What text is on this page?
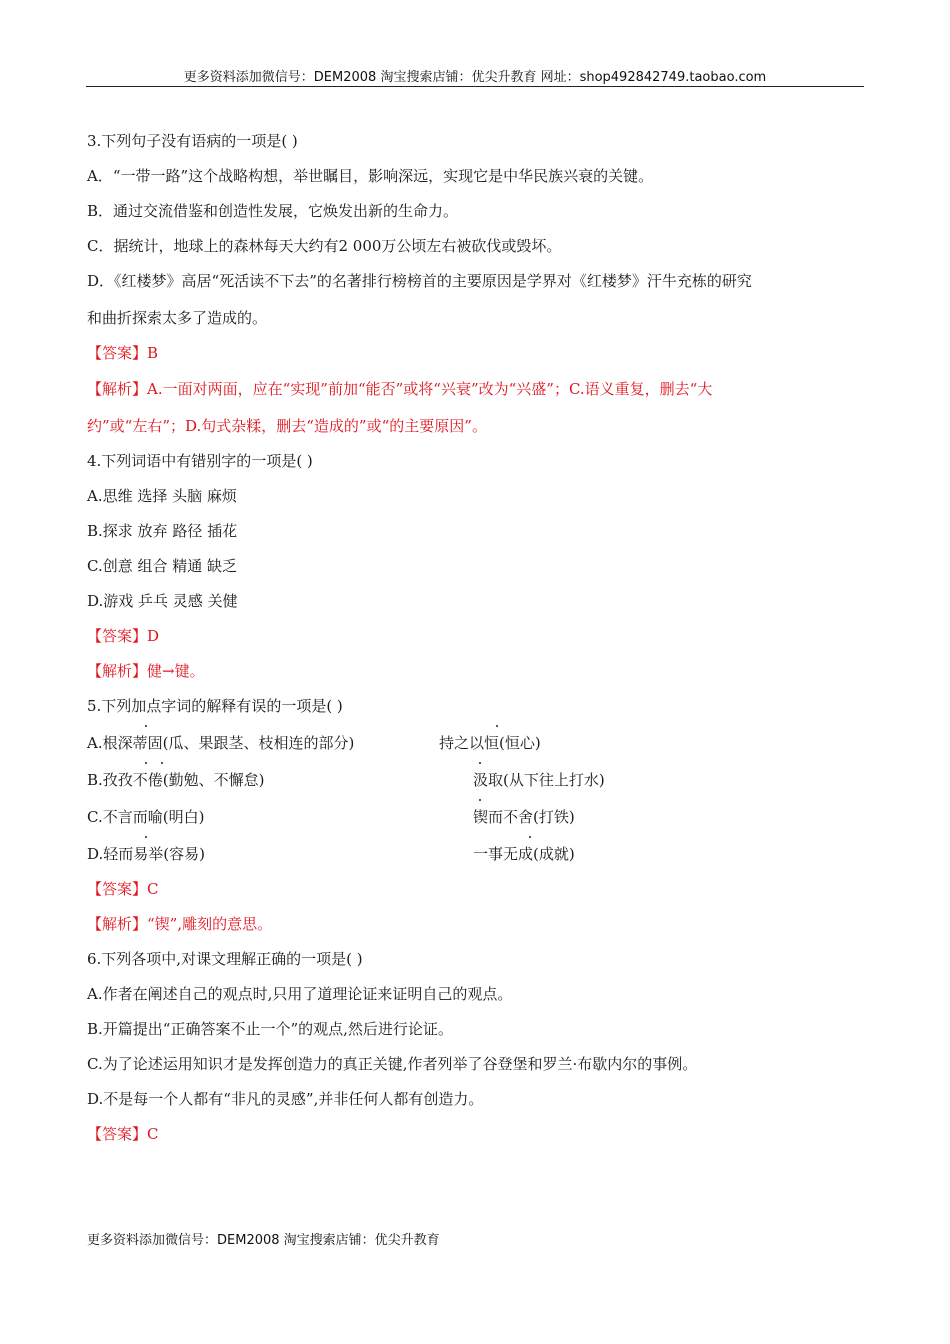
更多资料添加微信号：DEM2008 淘宝搜索店铺：优尖升教育 网址：shop492842749.taobao.com
3.下列句子没有语病的一项是( )
A．“一带一路”这个战略构想，举世瞩目，影响深远，实现它是中华民族兴衰的关键。
B．通过交流借鉴和创造性发展，它焕发出新的生命力。
C．据统计，地球上的森林每天大约有2 000万公顷左右被砍伐或毁坏。
D．《红楼梦》高居“死活读不下去”的名著排行榜榜首的主要原因是学界对《红楼梦》汗牛充栋的研究
和曲折探索太多了造成的。
【答案】B
【解析】A.一面对两面，应在“实现”前加“能否”或将“兴衰”改为“兴盛”；C.语义重复，删去“大
约”或“左右”；D.句式杂糅，删去“造成的”或“的主要原因”。
4.下列词语中有错别字的一项是( )
A.思维 选择 头脑 麻烦
B.探求 放弃 路径 插花
C.创意 组合 精通 缺乏
D.游戏 乒乓 灵感 关健
【答案】D
【解析】健→键。
5.下列加点字词的解释有误的一项是( )
A.根深蒂固(瓜、果跟茎、枝相连的部分)	持之以恒(恒心)
B.孜孜不倦(勤勉、不懈怠)	汲取(从下往上打水)
C.不言而喻(明白)	锲而不舍(打铁)
D.轻而易举(容易)	一事无成(成就)
【答案】C
【解析】“锲”,雕刻的意思。
6.下列各项中,对课文理解正确的一项是( )
A.作者在阐述自己的观点时,只用了道理论证来证明自己的观点。
B.开篇提出“正确答案不止一个”的观点,然后进行论证。
C.为了论述运用知识才是发挥创造力的真正关键,作者列举了谷登堡和罗兰·布歇内尔的事例。
D.不是每一个人都有“非凡的灵感”,并非任何人都有创造力。
【答案】C
更多资料添加微信号：DEM2008 淘宝搜索店铺：优尖升教育
